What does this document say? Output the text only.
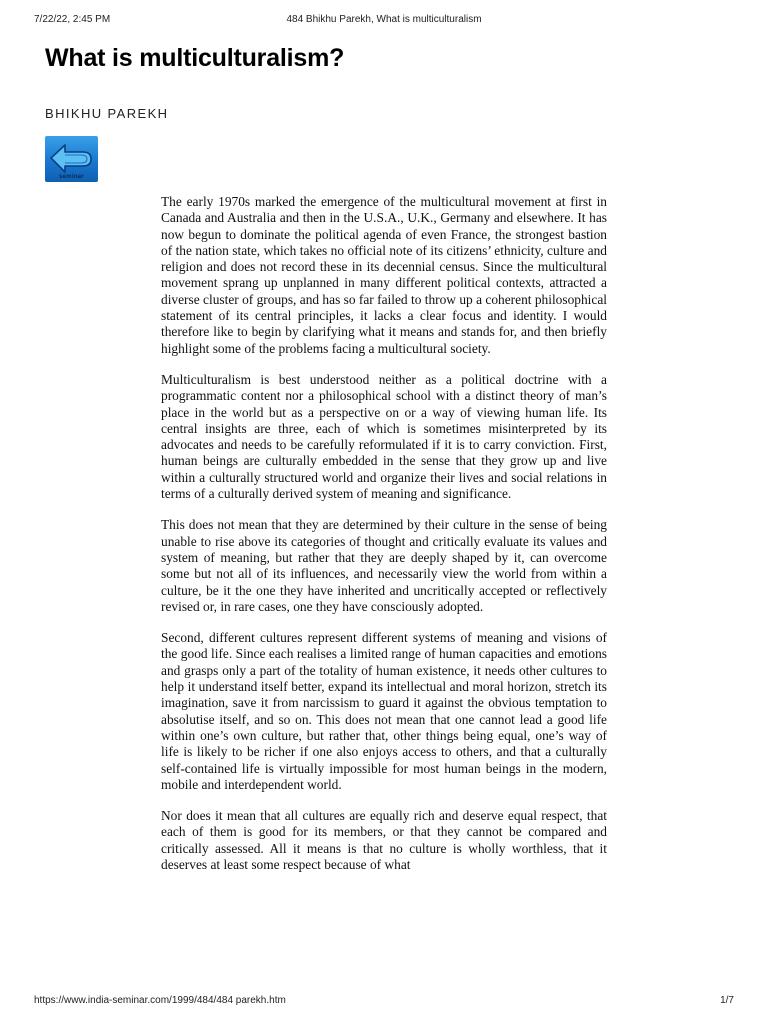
7/22/22, 2:45 PM	484 Bhikhu Parekh, What is multiculturalism
What is multiculturalism?
BHIKHU PAREKH
seminar

The early 1970s marked the emergence of the multicultural movement at first in Canada and Australia and then in the U.S.A., U.K., Germany and elsewhere. It has now begun to dominate the political agenda of even France, the strongest bastion of the nation state, which takes no official note of its citizens’ ethnicity, culture and religion and does not record these in its decennial census. Since the multicultural movement sprang up unplanned in many different political contexts, attracted a diverse cluster of groups, and has so far failed to throw up a coherent philosophical statement of its central principles, it lacks a clear focus and identity. I would therefore like to begin by clarifying what it means and stands for, and then briefly highlight some of the problems facing a multicultural society.

Multiculturalism is best understood neither as a political doctrine with a programmatic content nor a philosophical school with a distinct theory of man’s place in the world but as a perspective on or a way of viewing human life. Its central insights are three, each of which is sometimes misinterpreted by its advocates and needs to be carefully reformulated if it is to carry conviction. First, human beings are culturally embedded in the sense that they grow up and live within a culturally structured world and organize their lives and social relations in terms of a culturally derived system of meaning and significance.

This does not mean that they are determined by their culture in the sense of being unable to rise above its categories of thought and critically evaluate its values and system of meaning, but rather that they are deeply shaped by it, can overcome some but not all of its influences, and necessarily view the world from within a culture, be it the one they have inherited and uncritically accepted or reflectively revised or, in rare cases, one they have consciously adopted.

Second, different cultures represent different systems of meaning and visions of the good life. Since each realises a limited range of human capacities and emotions and grasps only a part of the totality of human existence, it needs other cultures to help it understand itself better, expand its intellectual and moral horizon, stretch its imagination, save it from narcissism to guard it against the obvious temptation to absolutise itself, and so on. This does not mean that one cannot lead a good life within one’s own culture, but rather that, other things being equal, one’s way of life is likely to be richer if one also enjoys access to others, and that a culturally self-contained life is virtually impossible for most human beings in the modern, mobile and interdependent world.

Nor does it mean that all cultures are equally rich and deserve equal respect, that each of them is good for its members, or that they cannot be compared and critically assessed. All it means is that no culture is wholly worthless, that it deserves at least some respect because of what

https://www.india-seminar.com/1999/484/484 parekh.htm	1/7
